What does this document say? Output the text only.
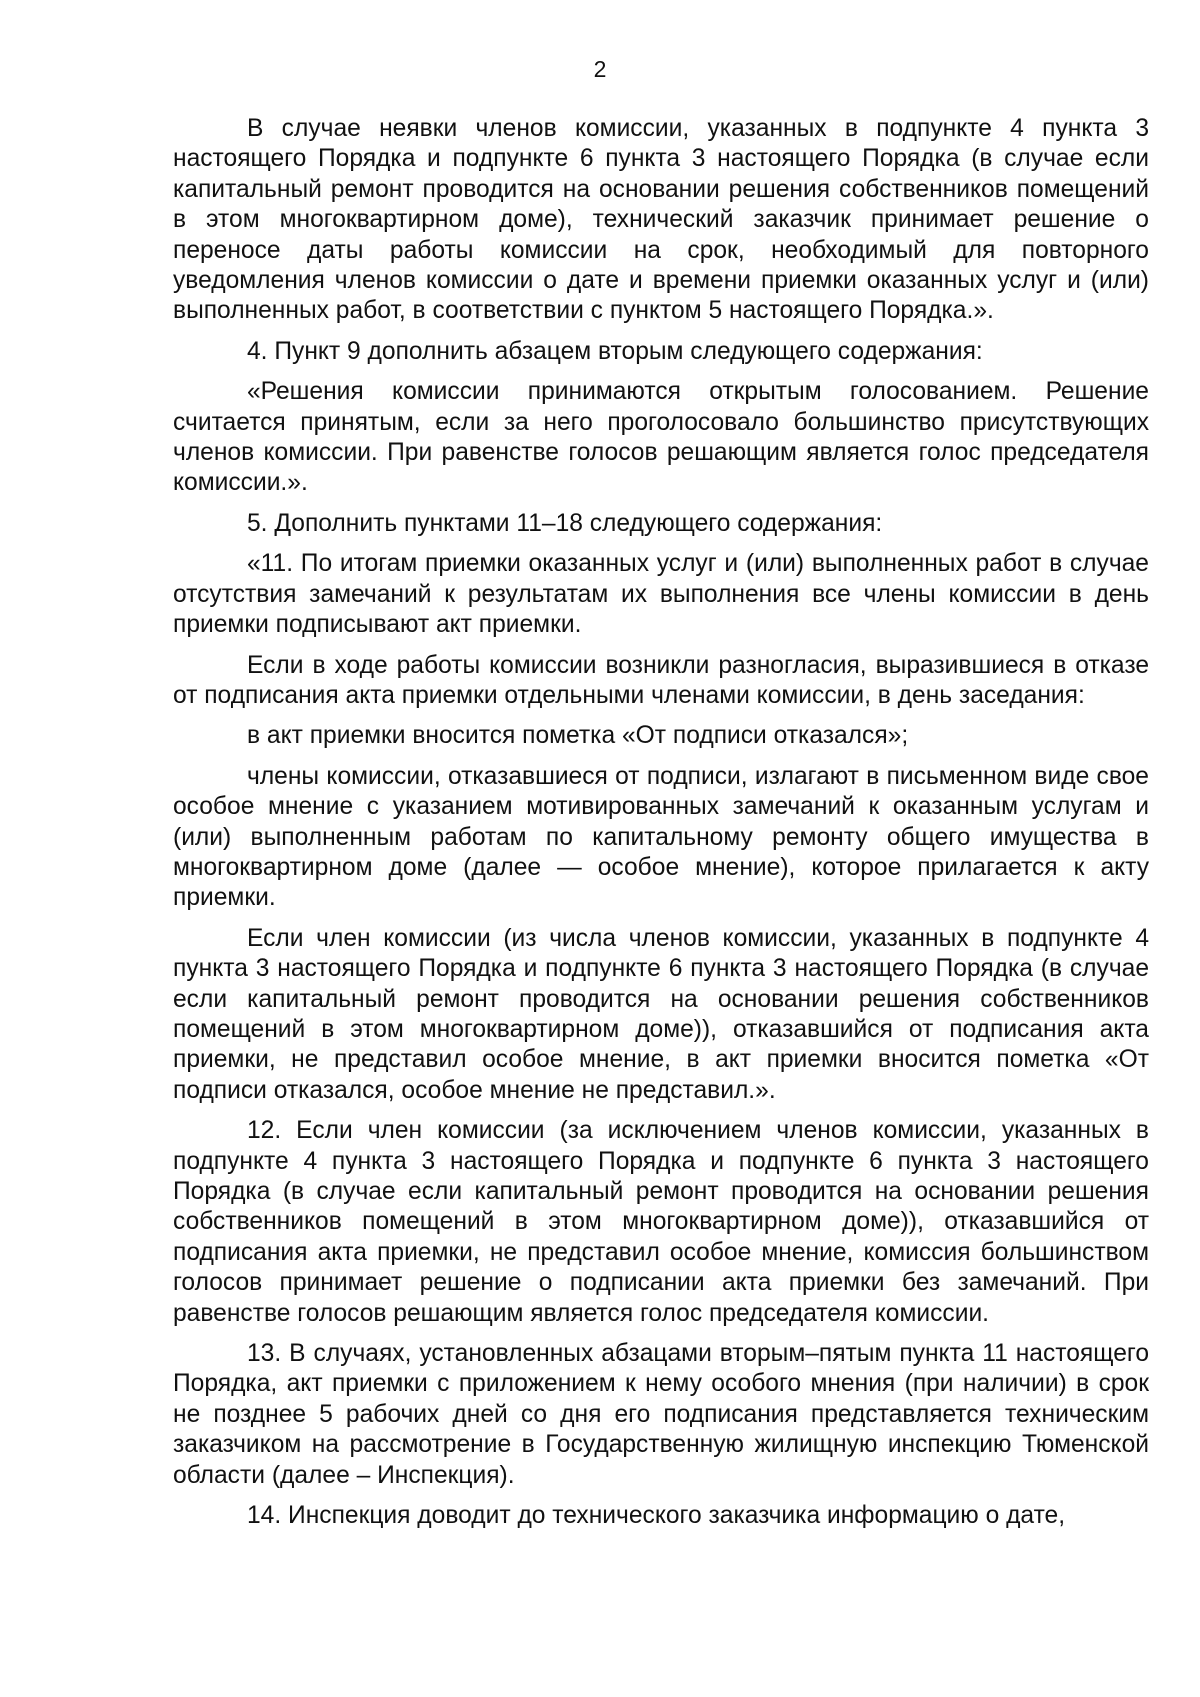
2

В случае неявки членов комиссии, указанных в подпункте 4 пункта 3 настоящего Порядка и подпункте 6 пункта 3 настоящего Порядка (в случае если капитальный ремонт проводится на основании решения собственников помещений в этом многоквартирном доме), технический заказчик принимает решение о переносе даты работы комиссии на срок, необходимый для повторного уведомления членов комиссии о дате и времени приемки оказанных услуг и (или) выполненных работ, в соответствии с пунктом 5 настоящего Порядка.».

4. Пункт 9 дополнить абзацем вторым следующего содержания:

«Решения комиссии принимаются открытым голосованием. Решение считается принятым, если за него проголосовало большинство присутствующих членов комиссии. При равенстве голосов решающим является голос председателя комиссии.».

5. Дополнить пунктами 11–18 следующего содержания:

«11. По итогам приемки оказанных услуг и (или) выполненных работ в случае отсутствия замечаний к результатам их выполнения все члены комиссии в день приемки подписывают акт приемки.

Если в ходе работы комиссии возникли разногласия, выразившиеся в отказе от подписания акта приемки отдельными членами комиссии, в день заседания:

в акт приемки вносится пометка «От подписи отказался»;

члены комиссии, отказавшиеся от подписи, излагают в письменном виде свое особое мнение с указанием мотивированных замечаний к оказанным услугам и (или) выполненным работам по капитальному ремонту общего имущества в многоквартирном доме (далее — особое мнение), которое прилагается к акту приемки.

Если член комиссии (из числа членов комиссии, указанных в подпункте 4 пункта 3 настоящего Порядка и подпункте 6 пункта 3 настоящего Порядка (в случае если капитальный ремонт проводится на основании решения собственников помещений в этом многоквартирном доме)), отказавшийся от подписания акта приемки, не представил особое мнение, в акт приемки вносится пометка «От подписи отказался, особое мнение не представил.».

12. Если член комиссии (за исключением членов комиссии, указанных в подпункте 4 пункта 3 настоящего Порядка и подпункте 6 пункта 3 настоящего Порядка (в случае если капитальный ремонт проводится на основании решения собственников помещений в этом многоквартирном доме)), отказавшийся от подписания акта приемки, не представил особое мнение, комиссия большинством голосов принимает решение о подписании акта приемки без замечаний. При равенстве голосов решающим является голос председателя комиссии.

13. В случаях, установленных абзацами вторым–пятым пункта 11 настоящего Порядка, акт приемки с приложением к нему особого мнения (при наличии) в срок не позднее 5 рабочих дней со дня его подписания представляется техническим заказчиком на рассмотрение в Государственную жилищную инспекцию Тюменской области (далее – Инспекция).

14. Инспекция доводит до технического заказчика информацию о дате,
